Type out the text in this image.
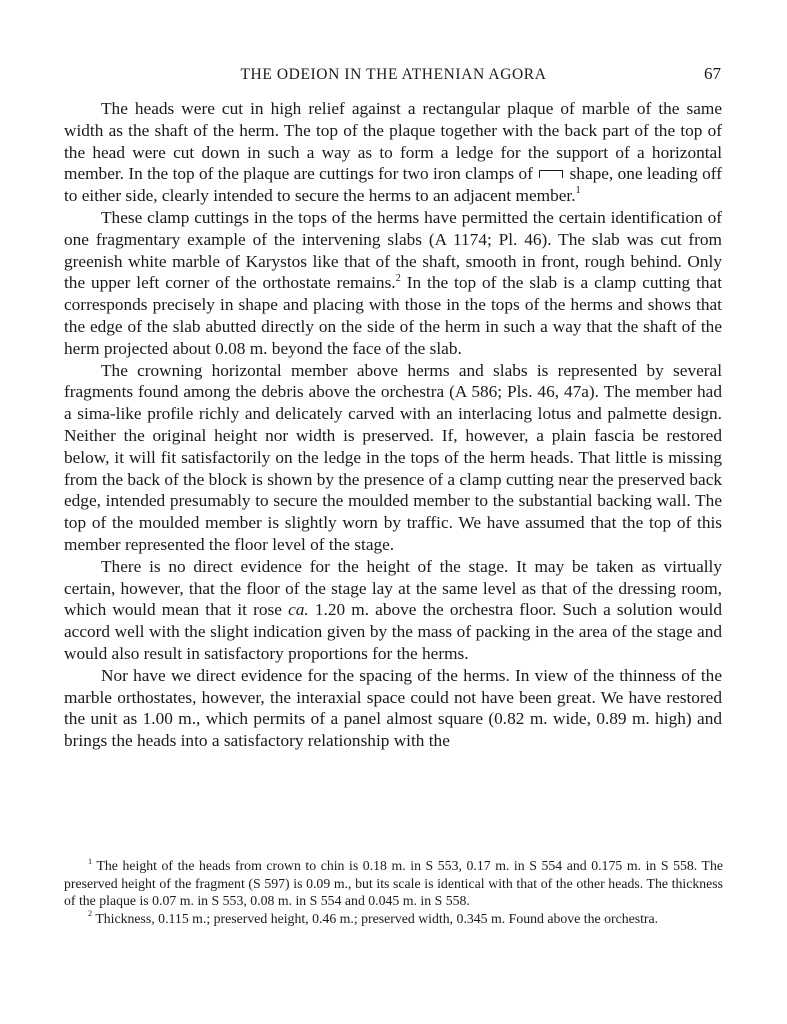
THE ODEION IN THE ATHENIAN AGORA	67

The heads were cut in high relief against a rectangular plaque of marble of the same width as the shaft of the herm. The top of the plaque together with the back part of the top of the head were cut down in such a way as to form a ledge for the support of a horizontal member. In the top of the plaque are cuttings for two iron clamps of shape, one leading off to either side, clearly intended to secure the herms to an adjacent member.$^1$

These clamp cuttings in the tops of the herms have permitted the certain identification of one fragmentary example of the intervening slabs (A 1174; Pl. 46). The slab was cut from greenish white marble of Karystos like that of the shaft, smooth in front, rough behind. Only the upper left corner of the orthostate remains.$^2$ In the top of the slab is a clamp cutting that corresponds precisely in shape and placing with those in the tops of the herms and shows that the edge of the slab abutted directly on the side of the herm in such a way that the shaft of the herm projected about 0.08 m. beyond the face of the slab.

The crowning horizontal member above herms and slabs is represented by several fragments found among the debris above the orchestra (A 586; Pls. 46, 47a). The member had a sima-like profile richly and delicately carved with an interlacing lotus and palmette design. Neither the original height nor width is preserved. If, however, a plain fascia be restored below, it will fit satisfactorily on the ledge in the tops of the herm heads. That little is missing from the back of the block is shown by the presence of a clamp cutting near the preserved back edge, intended presumably to secure the moulded member to the substantial backing wall. The top of the moulded member is slightly worn by traffic. We have assumed that the top of this member represented the floor level of the stage.

There is no direct evidence for the height of the stage. It may be taken as virtually certain, however, that the floor of the stage lay at the same level as that of the dressing room, which would mean that it rose ca. 1.20 m. above the orchestra floor. Such a solution would accord well with the slight indication given by the mass of packing in the area of the stage and would also result in satisfactory proportions for the herms.

Nor have we direct evidence for the spacing of the herms. In view of the thinness of the marble orthostates, however, the interaxial space could not have been great. We have restored the unit as 1.00 m., which permits of a panel almost square (0.82 m. wide, 0.89 m. high) and brings the heads into a satisfactory relationship with the

$^1$ The height of the heads from crown to chin is 0.18 m. in S 553, 0.17 m. in S 554 and 0.175 m. in S 558. The preserved height of the fragment (S 597) is 0.09 m., but its scale is identical with that of the other heads. The thickness of the plaque is 0.07 m. in S 553, 0.08 m. in S 554 and 0.045 m. in S 558.

$^2$ Thickness, 0.115 m.; preserved height, 0.46 m.; preserved width, 0.345 m. Found above the orchestra.
